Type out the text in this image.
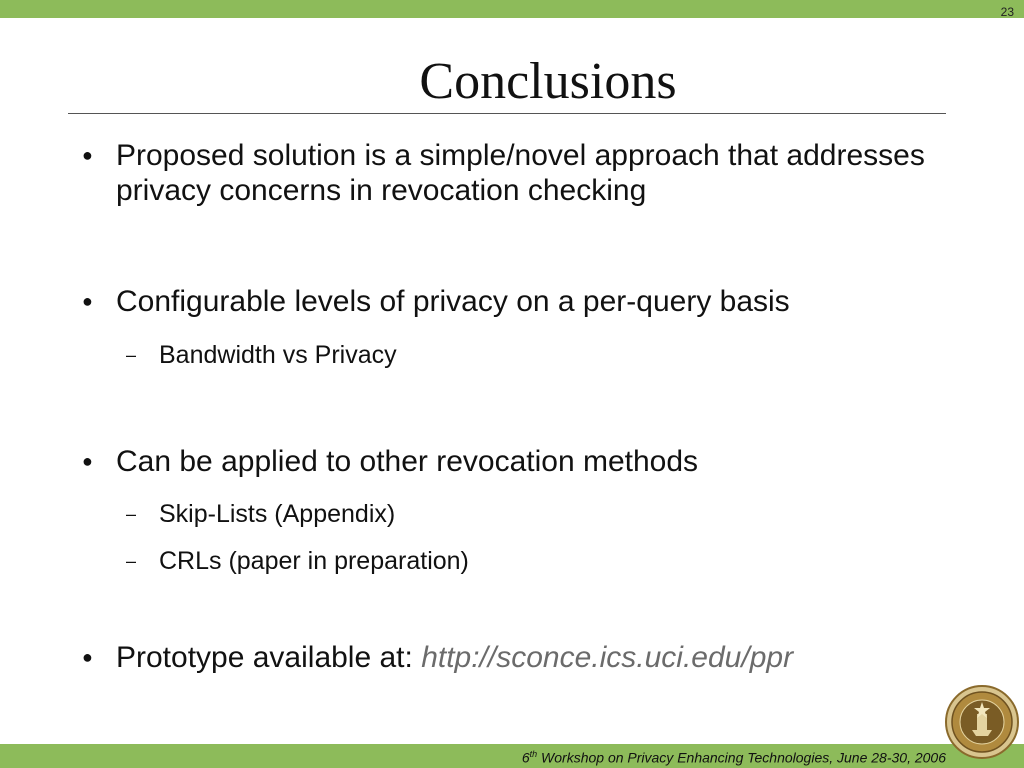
23
Conclusions
● Proposed solution is a simple/novel approach that addresses privacy concerns in revocation checking
● Configurable levels of privacy on a per-query basis
– Bandwidth vs Privacy
● Can be applied to other revocation methods
– Skip-Lists (Appendix)
– CRLs (paper in preparation)
● Prototype available at: http://sconce.ics.uci.edu/ppr
6th Workshop on Privacy Enhancing Technologies, June 28-30, 2006
